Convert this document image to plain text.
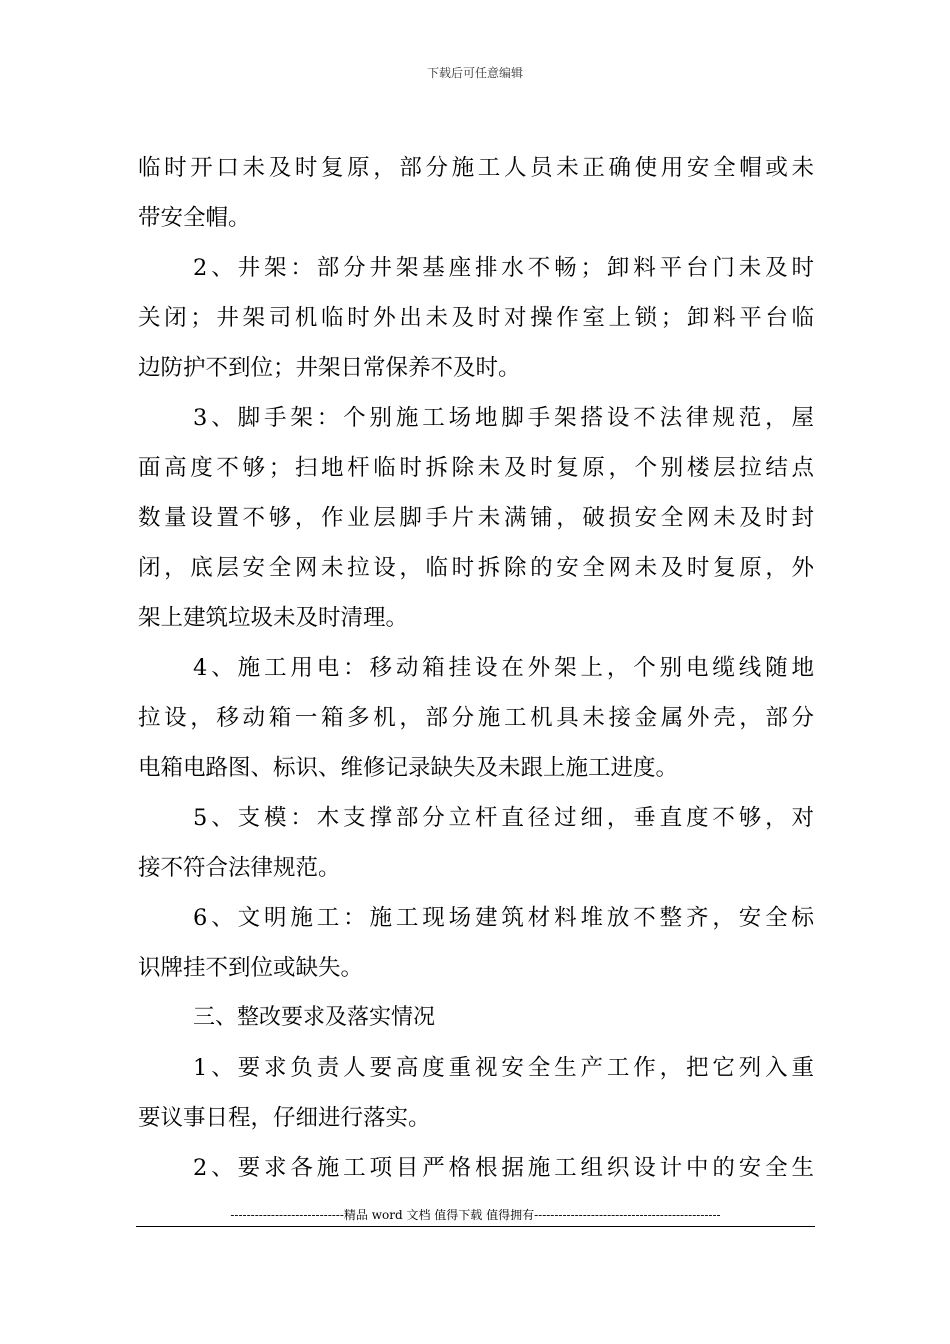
下载后可任意编辑
临时开口未及时复原，部分施工人员未正确使用安全帽或未
带安全帽。
2、井架：部分井架基座排水不畅；卸料平台门未及时
关闭；井架司机临时外出未及时对操作室上锁；卸料平台临
边防护不到位；井架日常保养不及时。
3、脚手架：个别施工场地脚手架搭设不法律规范，屋
面高度不够；扫地杆临时拆除未及时复原，个别楼层拉结点
数量设置不够，作业层脚手片未满铺，破损安全网未及时封
闭，底层安全网未拉设，临时拆除的安全网未及时复原，外
架上建筑垃圾未及时清理。
4、施工用电：移动箱挂设在外架上，个别电缆线随地
拉设，移动箱一箱多机，部分施工机具未接金属外壳，部分
电箱电路图、标识、维修记录缺失及未跟上施工进度。
5、支模：木支撑部分立杆直径过细，垂直度不够，对
接不符合法律规范。
6、文明施工：施工现场建筑材料堆放不整齐，安全标
识牌挂不到位或缺失。
三、整改要求及落实情况
1、要求负责人要高度重视安全生产工作，把它列入重
要议事日程，仔细进行落实。
2、要求各施工项目严格根据施工组织设计中的安全生
----------------------------精品 word 文档 值得下载 值得拥有----------------------------------------------
